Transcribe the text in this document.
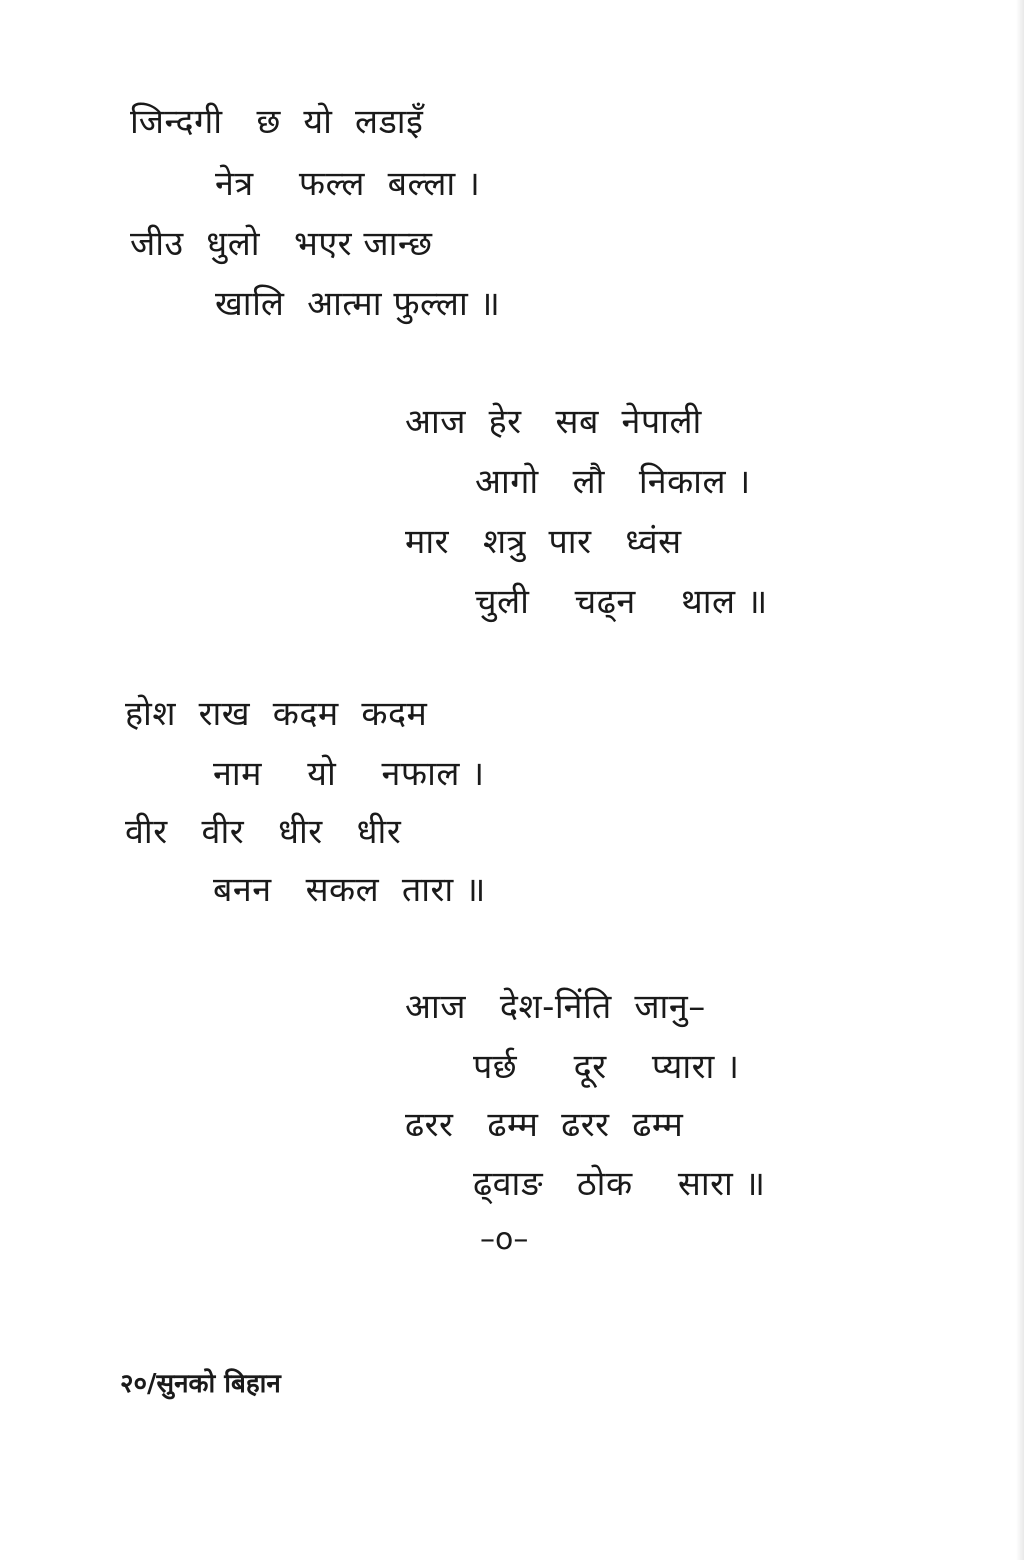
जिन्दगी   छ  यो  लडाइँ
नेत्र    फल्ल  बल्ला ।
जीउ  धुलो   भएर जान्छ
खालि  आत्मा फुल्ला ॥
आज  हेर   सब  नेपाली
आगो   लौ   निकाल ।
मार   शत्रु  पार   ध्वंस
चुली    चढ्न    थाल ॥
होश  राख  कदम  कदम
नाम    यो    नफाल ।
वीर   वीर   धीर   धीर
बनन   सकल  तारा ॥
आज   देश-निंति  जानु–
पर्छ     दूर    प्यारा ।
ढरर   ढम्म  ढरर  ढम्म
ढ्वाङ   ठोक    सारा ॥
–o–
२०/सुनको बिहान
